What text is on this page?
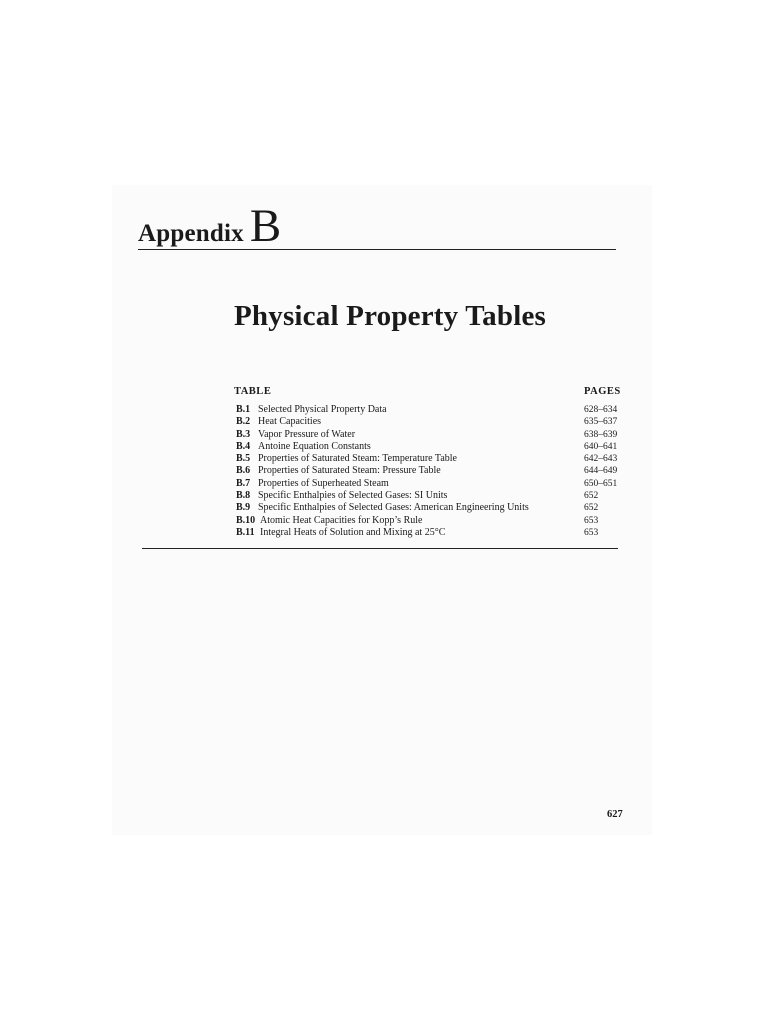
Appendix B
Physical Property Tables
TABLE	PAGES
B.1 Selected Physical Property Data	628–634
B.2 Heat Capacities	635–637
B.3 Vapor Pressure of Water	638–639
B.4 Antoine Equation Constants	640–641
B.5 Properties of Saturated Steam: Temperature Table	642–643
B.6 Properties of Saturated Steam: Pressure Table	644–649
B.7 Properties of Superheated Steam	650–651
B.8 Specific Enthalpies of Selected Gases: SI Units	652
B.9 Specific Enthalpies of Selected Gases: American Engineering Units	652
B.10 Atomic Heat Capacities for Kopp’s Rule	653
B.11 Integral Heats of Solution and Mixing at 25°C	653
627
